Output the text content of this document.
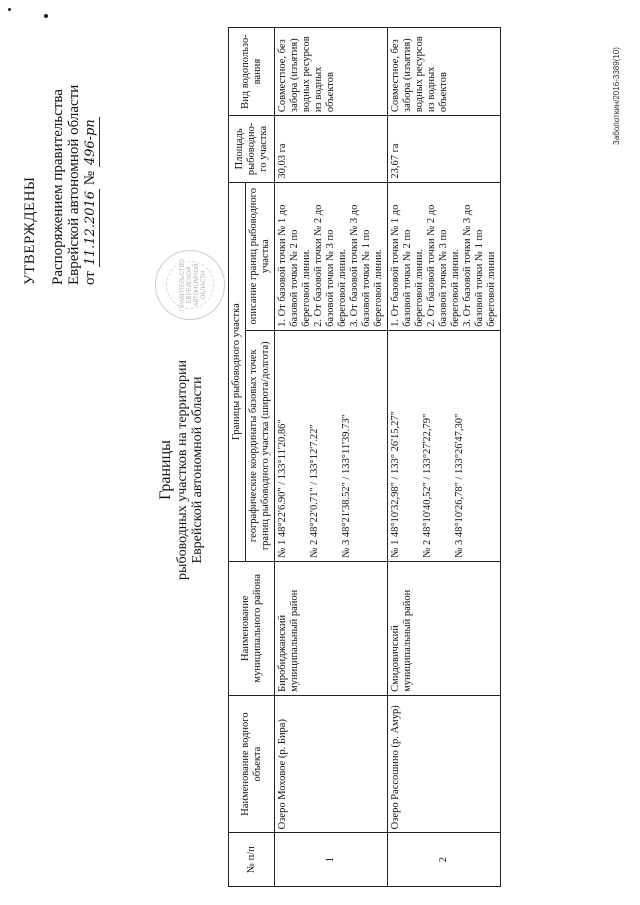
УТВЕРЖДЕНЫ Распоряжением правительства Еврейской автономной области от 11.12.2016 № 496-рп
ПРАВИТЕЛЬСТВО ЕВРЕЙСКОЙ АВТОНОМНОЙ ОБЛАСТИ
Границы рыбоводных участков на территории Еврейской автономной области
№ п/п	Наименование водного объекта	Наименование муниципального района	Границы рыбоводного участка		Площадь рыбоводно-го участка	Вид водопользо-вания
			географические координаты базовых точек границ рыбоводного участка (широта/долгота)	описание границ рыбоводного участка		
1	Озеро Моховое (р. Бира)	Биробиджанский муниципальный район	№ 1 48°22'6.90" / 133°11'20.86" № 2 48°22'0.71" / 133°12'7.22" № 3 48°21'38.52" / 133°11'39.73"	1. От базовой точки № 1 до базовой точки № 2 по береговой линии. 2. От базовой точки № 2 до базовой точки № 3 по береговой линии. 3. От базовой точки № 3 до базовой точки № 1 по береговой линии.	30,03 га	Совместное, без забора (изъятия) водных ресурсов из водных объектов
2	Озеро Рассошино (р. Амур)	Смидовичский муниципальный район	№ 1 48°10'32,98" / 133° 26'15,27" № 2 48°10'40,52" / 133°27'22,79" № 3 48°10'26,78" / 133°26'47,30"	1. От базовой точки № 1 до базовой точки № 2 по береговой линии. 2. От базовой точки № 2 до базовой точки № 3 по береговой линии. 3. От базовой точки № 3 до базовой точки № 1 по береговой линии	23,67 га	Совместное, без забора (изъятия) водных ресурсов из водных объектов	Заболоткин/2016-3389(10)
